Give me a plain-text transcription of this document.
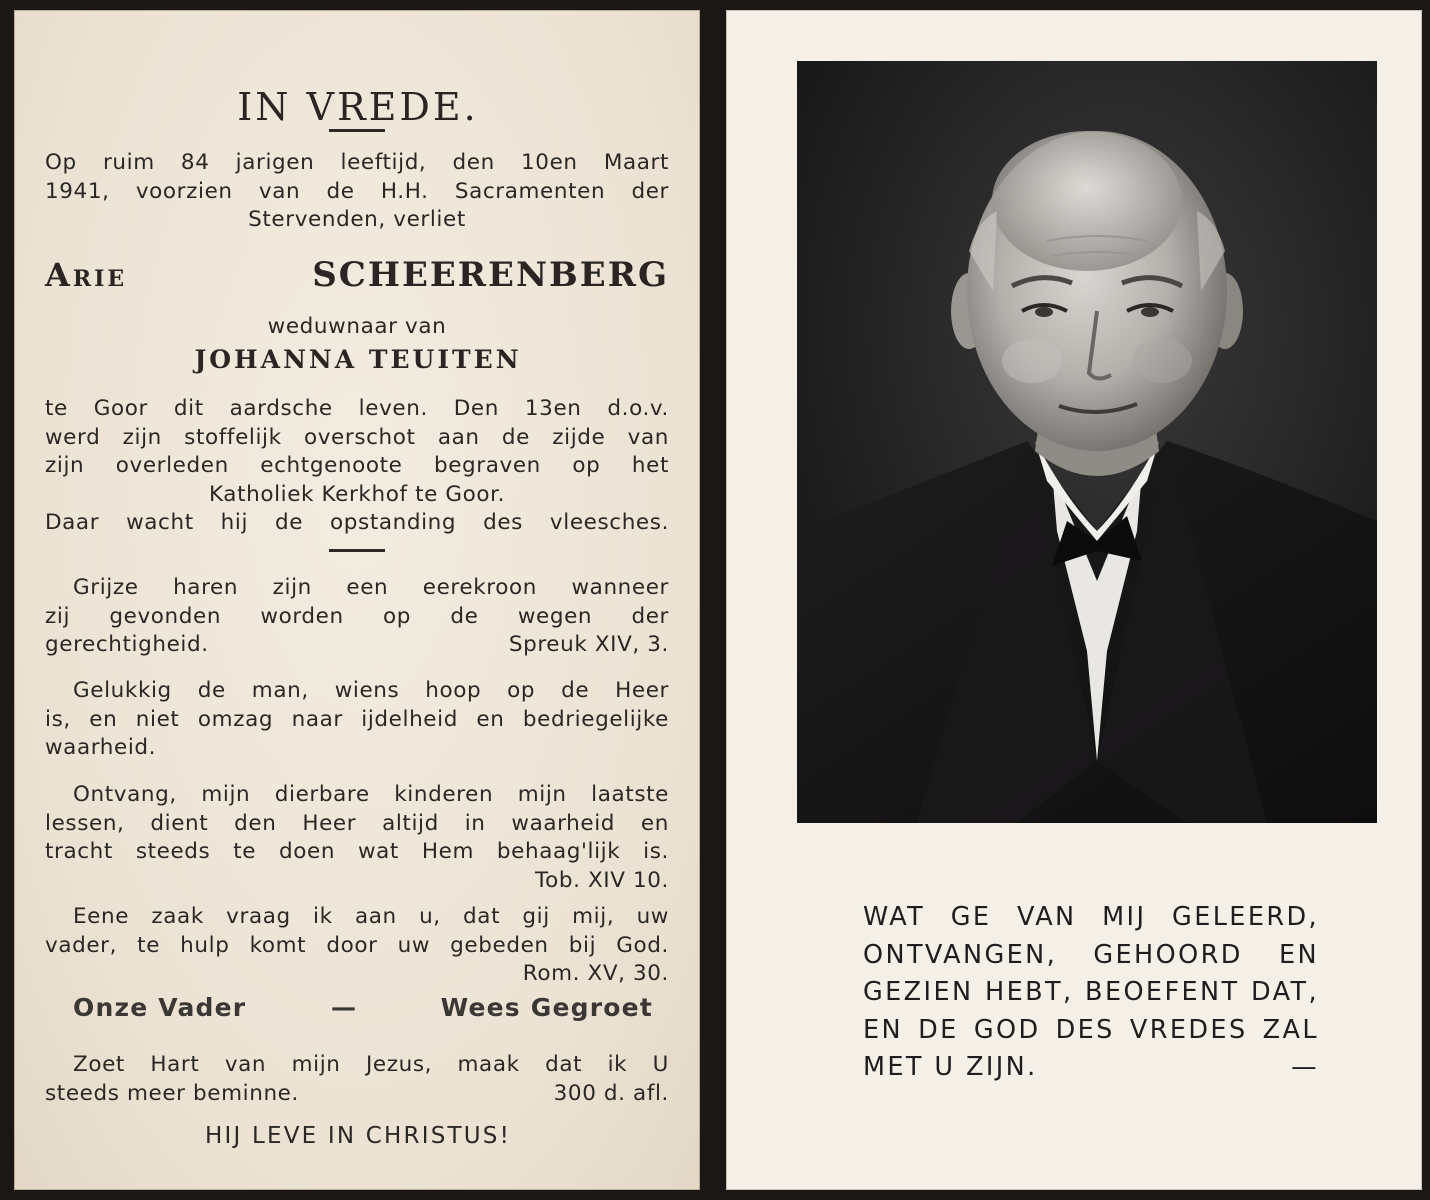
IN VREDE.
Op ruim 84 jarigen leeftijd, den 10en Maart
1941, voorzien van de H.H. Sacramenten der
Stervenden, verliet
Arie	SCHEERENBERG
weduwnaar van
JOHANNA TEUITEN
te Goor dit aardsche leven. Den 13en d.o.v.
werd zijn stoffelijk overschot aan de zijde van
zijn overleden echtgenoote begraven op het
Katholiek Kerkhof te Goor.
Daar wacht hij de opstanding des vleesches.
Grijze haren zijn een eerekroon wanneer
zij gevonden worden op de wegen der
gerechtigheid.	Spreuk XIV, 3.
Gelukkig de man, wiens hoop op de Heer
is, en niet omzag naar ijdelheid en bedriegelijke
waarheid.
Ontvang, mijn dierbare kinderen mijn laatste
lessen, dient den Heer altijd in waarheid en
tracht steeds te doen wat Hem behaag'lijk is.
Tob. XIV 10.
Eene zaak vraag ik aan u, dat gij mij, uw
vader, te hulp komt door uw gebeden bij God.
Rom. XV, 30.
Onze Vader	—	Wees Gegroet
Zoet Hart van mijn Jezus, maak dat ik U
steeds meer beminne.	300 d. afl.
HIJ LEVE IN CHRISTUS!
WAT GE VAN MIJ GELEERD,
ONTVANGEN, GEHOORD EN
GEZIEN HEBT, BEOEFENT DAT,
EN DE GOD DES VREDES ZAL
MET U ZIJN.	—
